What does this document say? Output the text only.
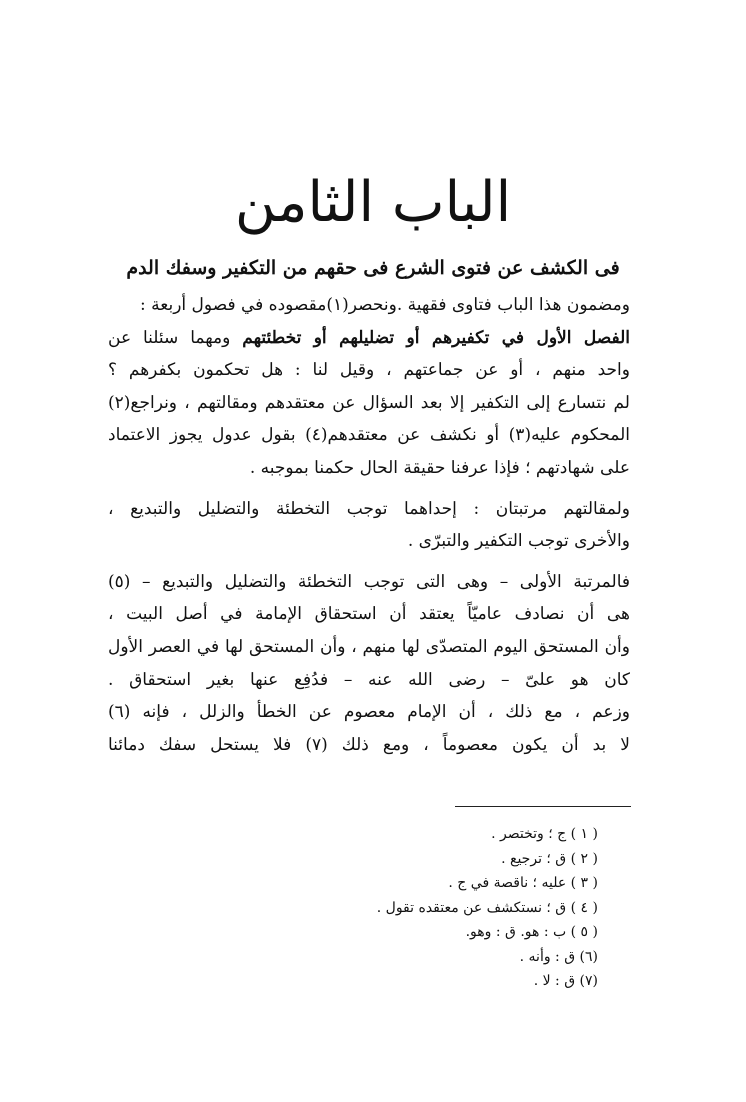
الباب الثامن
فى الكشف عن فتوى الشرع فى حقهم من التكفير وسفك الدم
ومضمون هذا الباب فتاوى فقهية .ونحصر(١)مقصوده في فصول أربعة :
الفصل الأول في تكفيرهم أو تضليلهم أو تخطئتهم ومهما سئلنا عن
واحد منهم ، أو عن جماعتهم ، وقيل لنا : هل تحكمون بكفرهم ؟
لم نتسارع إلى التكفير إلا بعد السؤال عن معتقدهم ومقالتهم ، ونراجع(٢)
المحكوم عليه(٣) أو نكشف عن معتقدهم(٤) بقول عدول يجوز الاعتماد
على شهادتهم ؛ فإذا عرفنا حقيقة الحال حكمنا بموجبه .
ولمقالتهم مرتبتان : إحداهما توجب التخطئة والتضليل والتبديع ،
والأخرى توجب التكفير والتبرّى .
فالمرتبة الأولى – وهى التى توجب التخطئة والتضليل والتبديع – (٥)
هى أن نصادف عاميّاً يعتقد أن استحقاق الإمامة في أصل البيت ،
وأن المستحق اليوم المتصدّى لها منهم ، وأن المستحق لها في العصر الأول
كان هو علىّ – رضى الله عنه – فدُفِع عنها بغير استحقاق .
وزعم ، مع ذلك ، أن الإمام معصوم عن الخطأ والزلل ، فإنه (٦)
لا بد أن يكون معصوماً ، ومع ذلك (٧) فلا يستحل سفك دمائنا
( ١ ) ج ؛ وتختصر .
( ٢ ) ق ؛ ترجيع .
( ٣ ) عليه ؛ ناقصة في ج .
( ٤ ) ق ؛ نستكشف عن معتقده تقول .
( ٥ ) ب : هو. ق : وهو.
(٦) ق : وأنه .
(٧) ق : لا .
